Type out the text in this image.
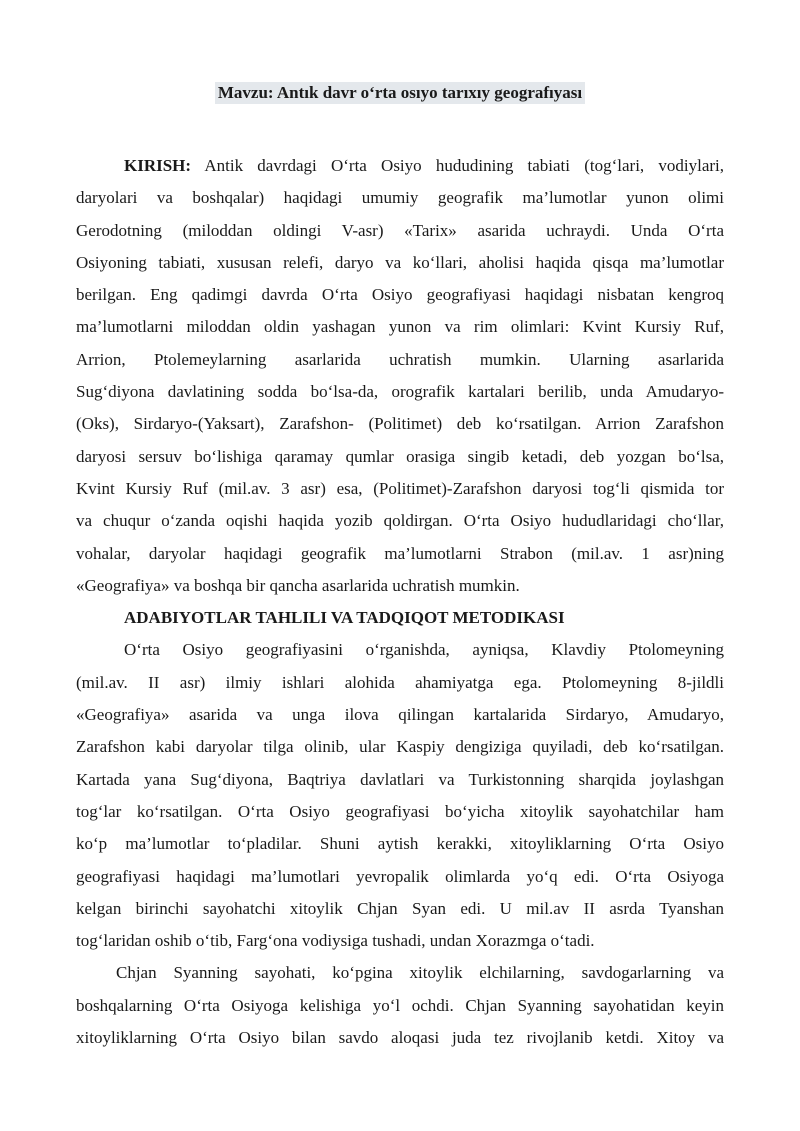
Mavzu: Antık davr o‘rta osıyo tarıxıy geografıyası
KIRISH: Antik davrdagi O‘rta Osiyo hududining tabiati (tog‘lari, vodiylari,
daryolari va boshqalar) haqidagi umumiy geografik ma’lumotlar yunon olimi
Gerodotning (miloddan oldingi V-asr) «Tarix» asarida uchraydi. Unda O‘rta
Osiyoning tabiati, xususan relefi, daryo va ko‘llari, aholisi haqida qisqa ma’lumotlar
berilgan. Eng qadimgi davrda O‘rta Osiyo geografiyasi haqidagi nisbatan kengroq
ma’lumotlarni miloddan oldin yashagan yunon va rim olimlari: Kvint Kursiy Ruf,
Arrion, Ptolemeylarning asarlarida uchratish mumkin. Ularning asarlarida
Sug‘diyona davlatining sodda bo‘lsa-da, orografik kartalari berilib, unda Amudaryo-
(Oks), Sirdaryo-(Yaksart), Zarafshon- (Politimet) deb ko‘rsatilgan. Arrion Zarafshon
daryosi sersuv bo‘lishiga qaramay qumlar orasiga singib ketadi, deb yozgan bo‘lsa,
Kvint Kursiy Ruf (mil.av. 3 asr) esa, (Politimet)-Zarafshon daryosi tog‘li qismida tor
va chuqur o‘zanda oqishi haqida yozib qoldirgan. O‘rta Osiyo hududlaridagi cho‘llar,
vohalar, daryolar haqidagi geografik ma’lumotlarni Strabon (mil.av. 1 asr)ning
«Geografiya» va boshqa bir qancha asarlarida uchratish mumkin.
ADABIYOTLAR TAHLILI VA TADQIQOT METODIKASI
O‘rta Osiyo geografiyasini o‘rganishda, ayniqsa, Klavdiy Ptolomeyning
(mil.av. II asr) ilmiy ishlari alohida ahamiyatga ega. Ptolomeyning 8-jildli
«Geografiya» asarida va unga ilova qilingan kartalarida Sirdaryo, Amudaryo,
Zarafshon kabi daryolar tilga olinib, ular Kaspiy dengiziga quyiladi, deb ko‘rsatilgan.
Kartada yana Sug‘diyona, Baqtriya davlatlari va Turkistonning sharqida joylashgan
tog‘lar ko‘rsatilgan. O‘rta Osiyo geografiyasi bo‘yicha xitoylik sayohatchilar ham
ko‘p ma’lumotlar to‘pladilar. Shuni aytish kerakki, xitoyliklarning O‘rta Osiyo
geografiyasi haqidagi ma’lumotlari yevropalik olimlarda yo‘q edi. O‘rta Osiyoga
kelgan birinchi sayohatchi xitoylik Chjan Syan edi. U mil.av II asrda Tyanshan
tog‘laridan oshib o‘tib, Farg‘ona vodiysiga tushadi, undan Xorazmga o‘tadi.
Chjan Syanning sayohati, ko‘pgina xitoylik elchilarning, savdogarlarning va
boshqalarning O‘rta Osiyoga kelishiga yo‘l ochdi. Chjan Syanning sayohatidan keyin
xitoyliklarning O‘rta Osiyo bilan savdo aloqasi juda tez rivojlanib ketdi. Xitoy va
